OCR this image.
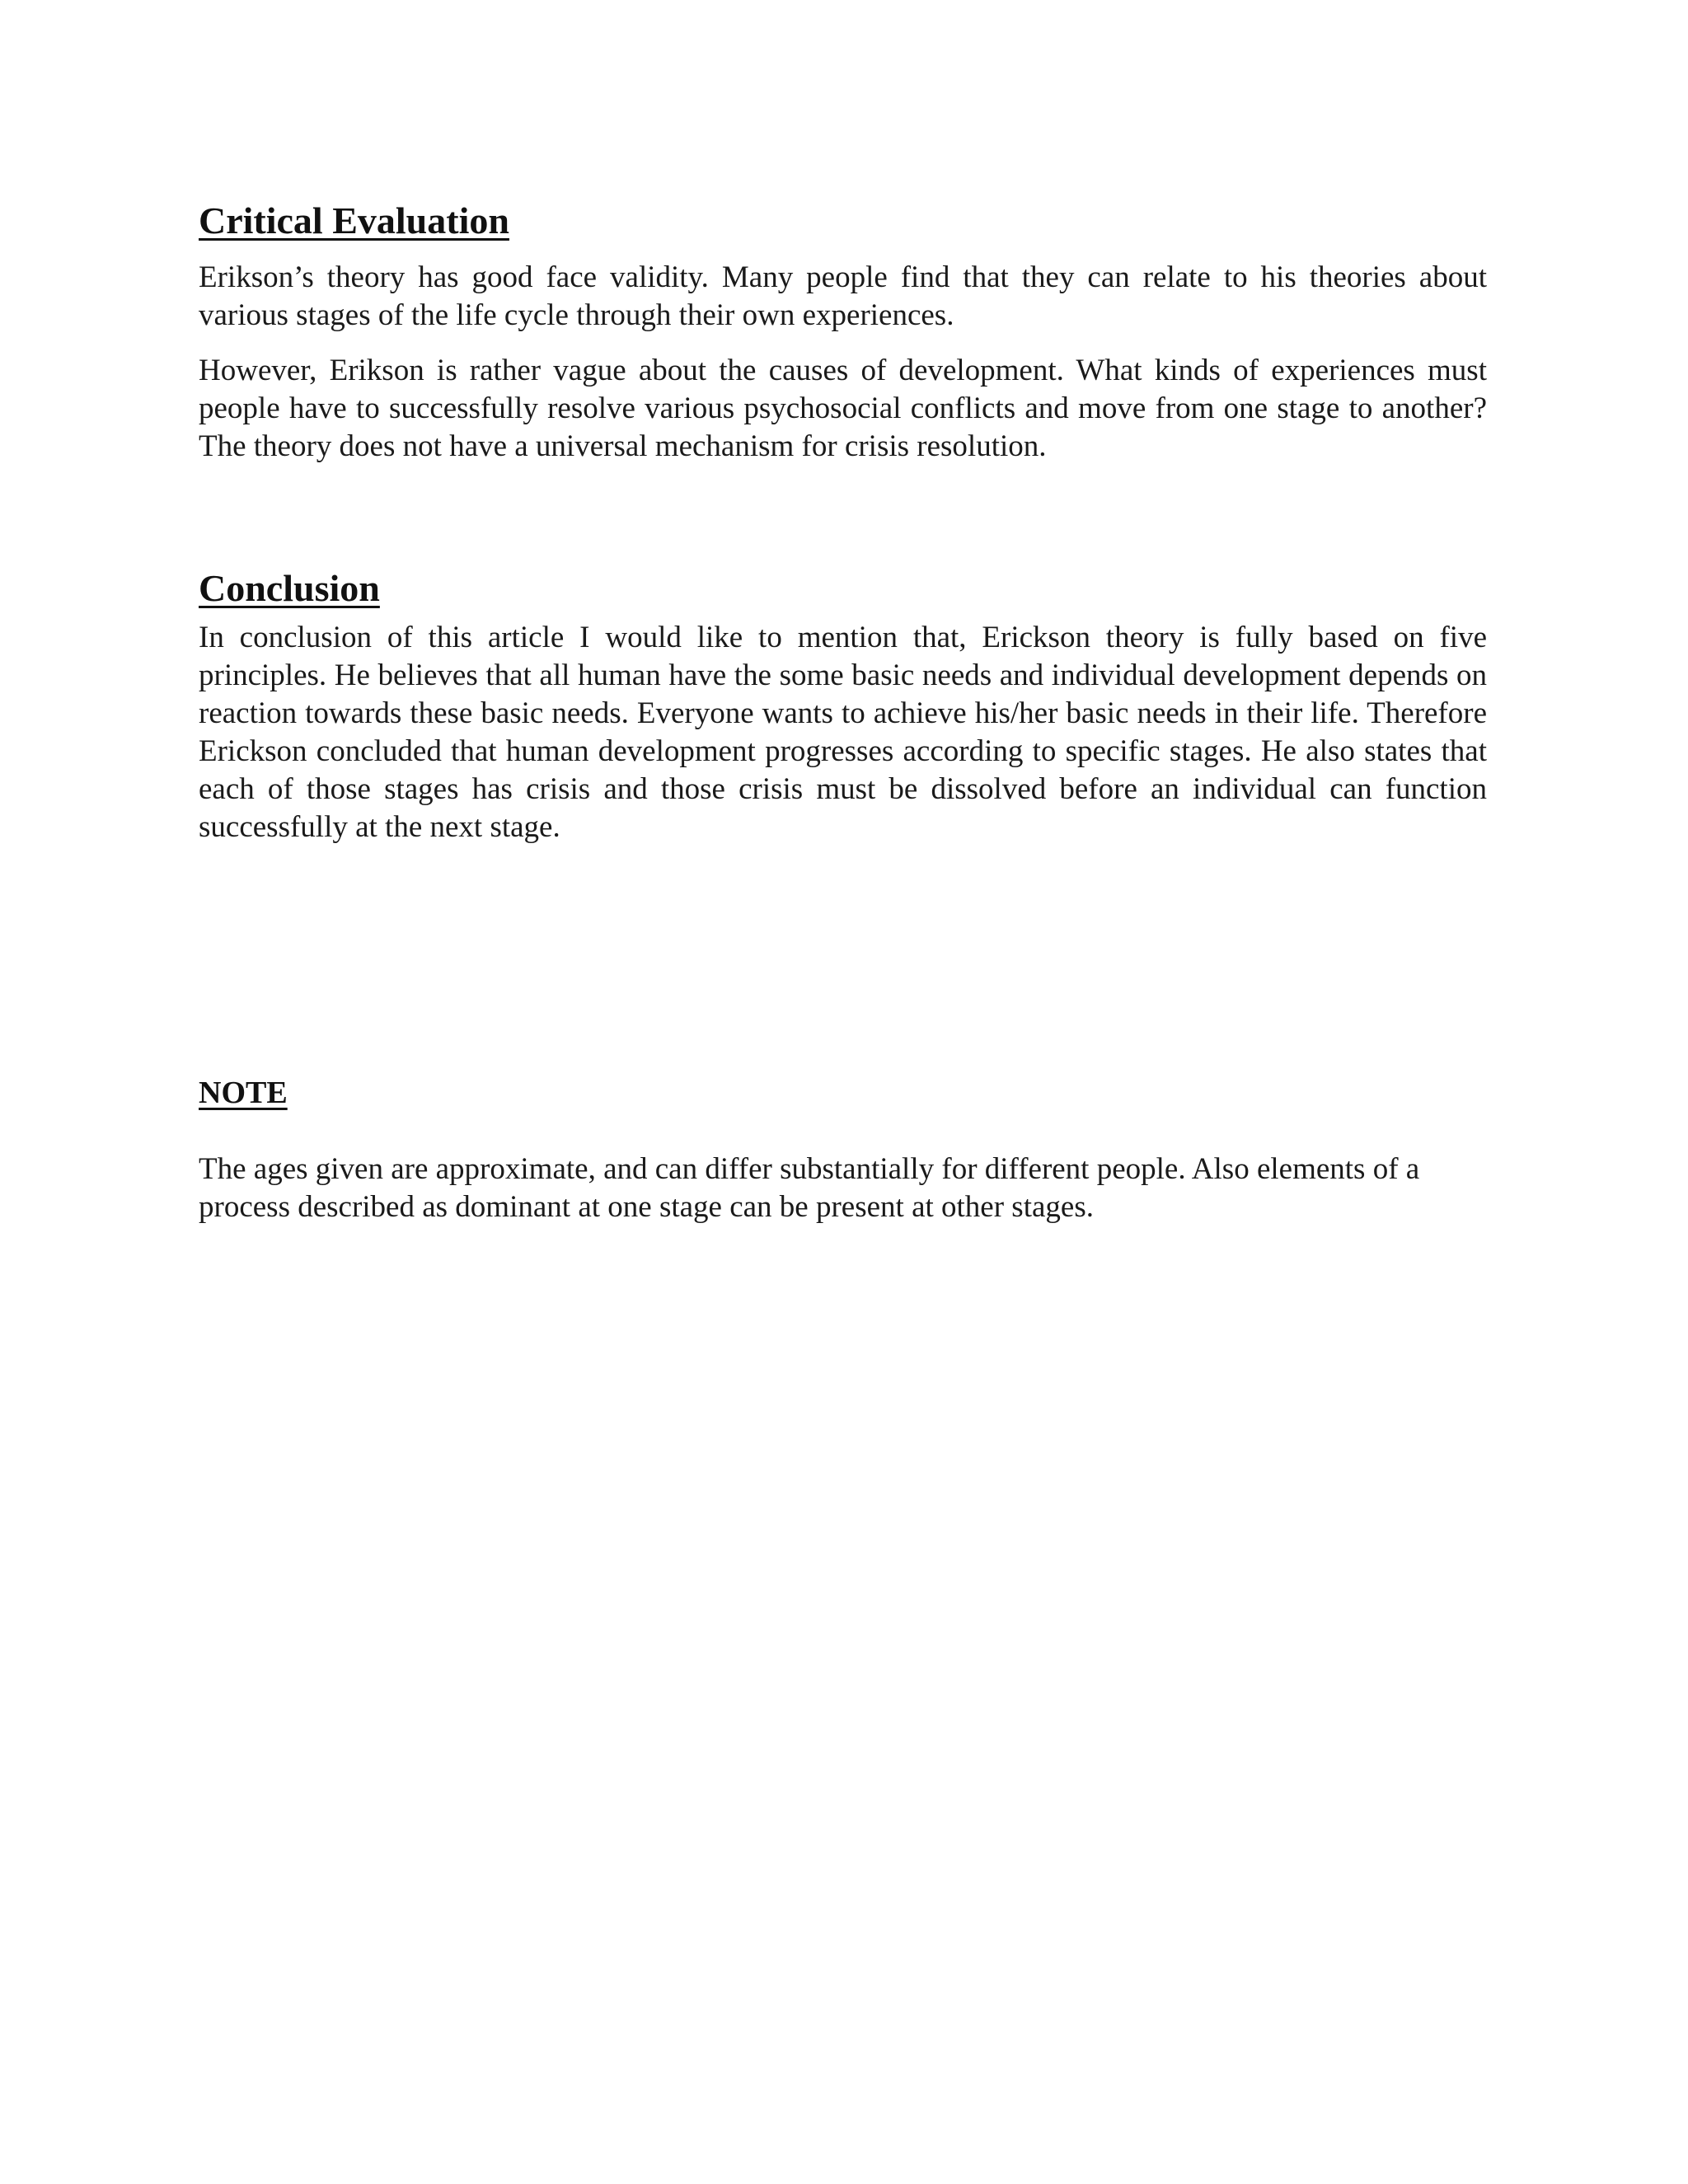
Critical Evaluation

Erikson’s theory has good face validity. Many people find that they can relate to his theories about various stages of the life cycle through their own experiences.

However, Erikson is rather vague about the causes of development. What kinds of experiences must people have to successfully resolve various psychosocial conflicts and move from one stage to another? The theory does not have a universal mechanism for crisis resolution.

Conclusion

In conclusion of this article I would like to mention that, Erickson theory is fully based on five principles. He believes that all human have the some basic needs and individual development depends on reaction towards these basic needs. Everyone wants to achieve his/her basic needs in their life. Therefore Erickson concluded that human development progresses according to specific stages. He also states that each of those stages has crisis and those crisis must be dissolved before an individual can function successfully at the next stage.

NOTE

The ages given are approximate, and can differ substantially for different people. Also elements of a process described as dominant at one stage can be present at other stages.
